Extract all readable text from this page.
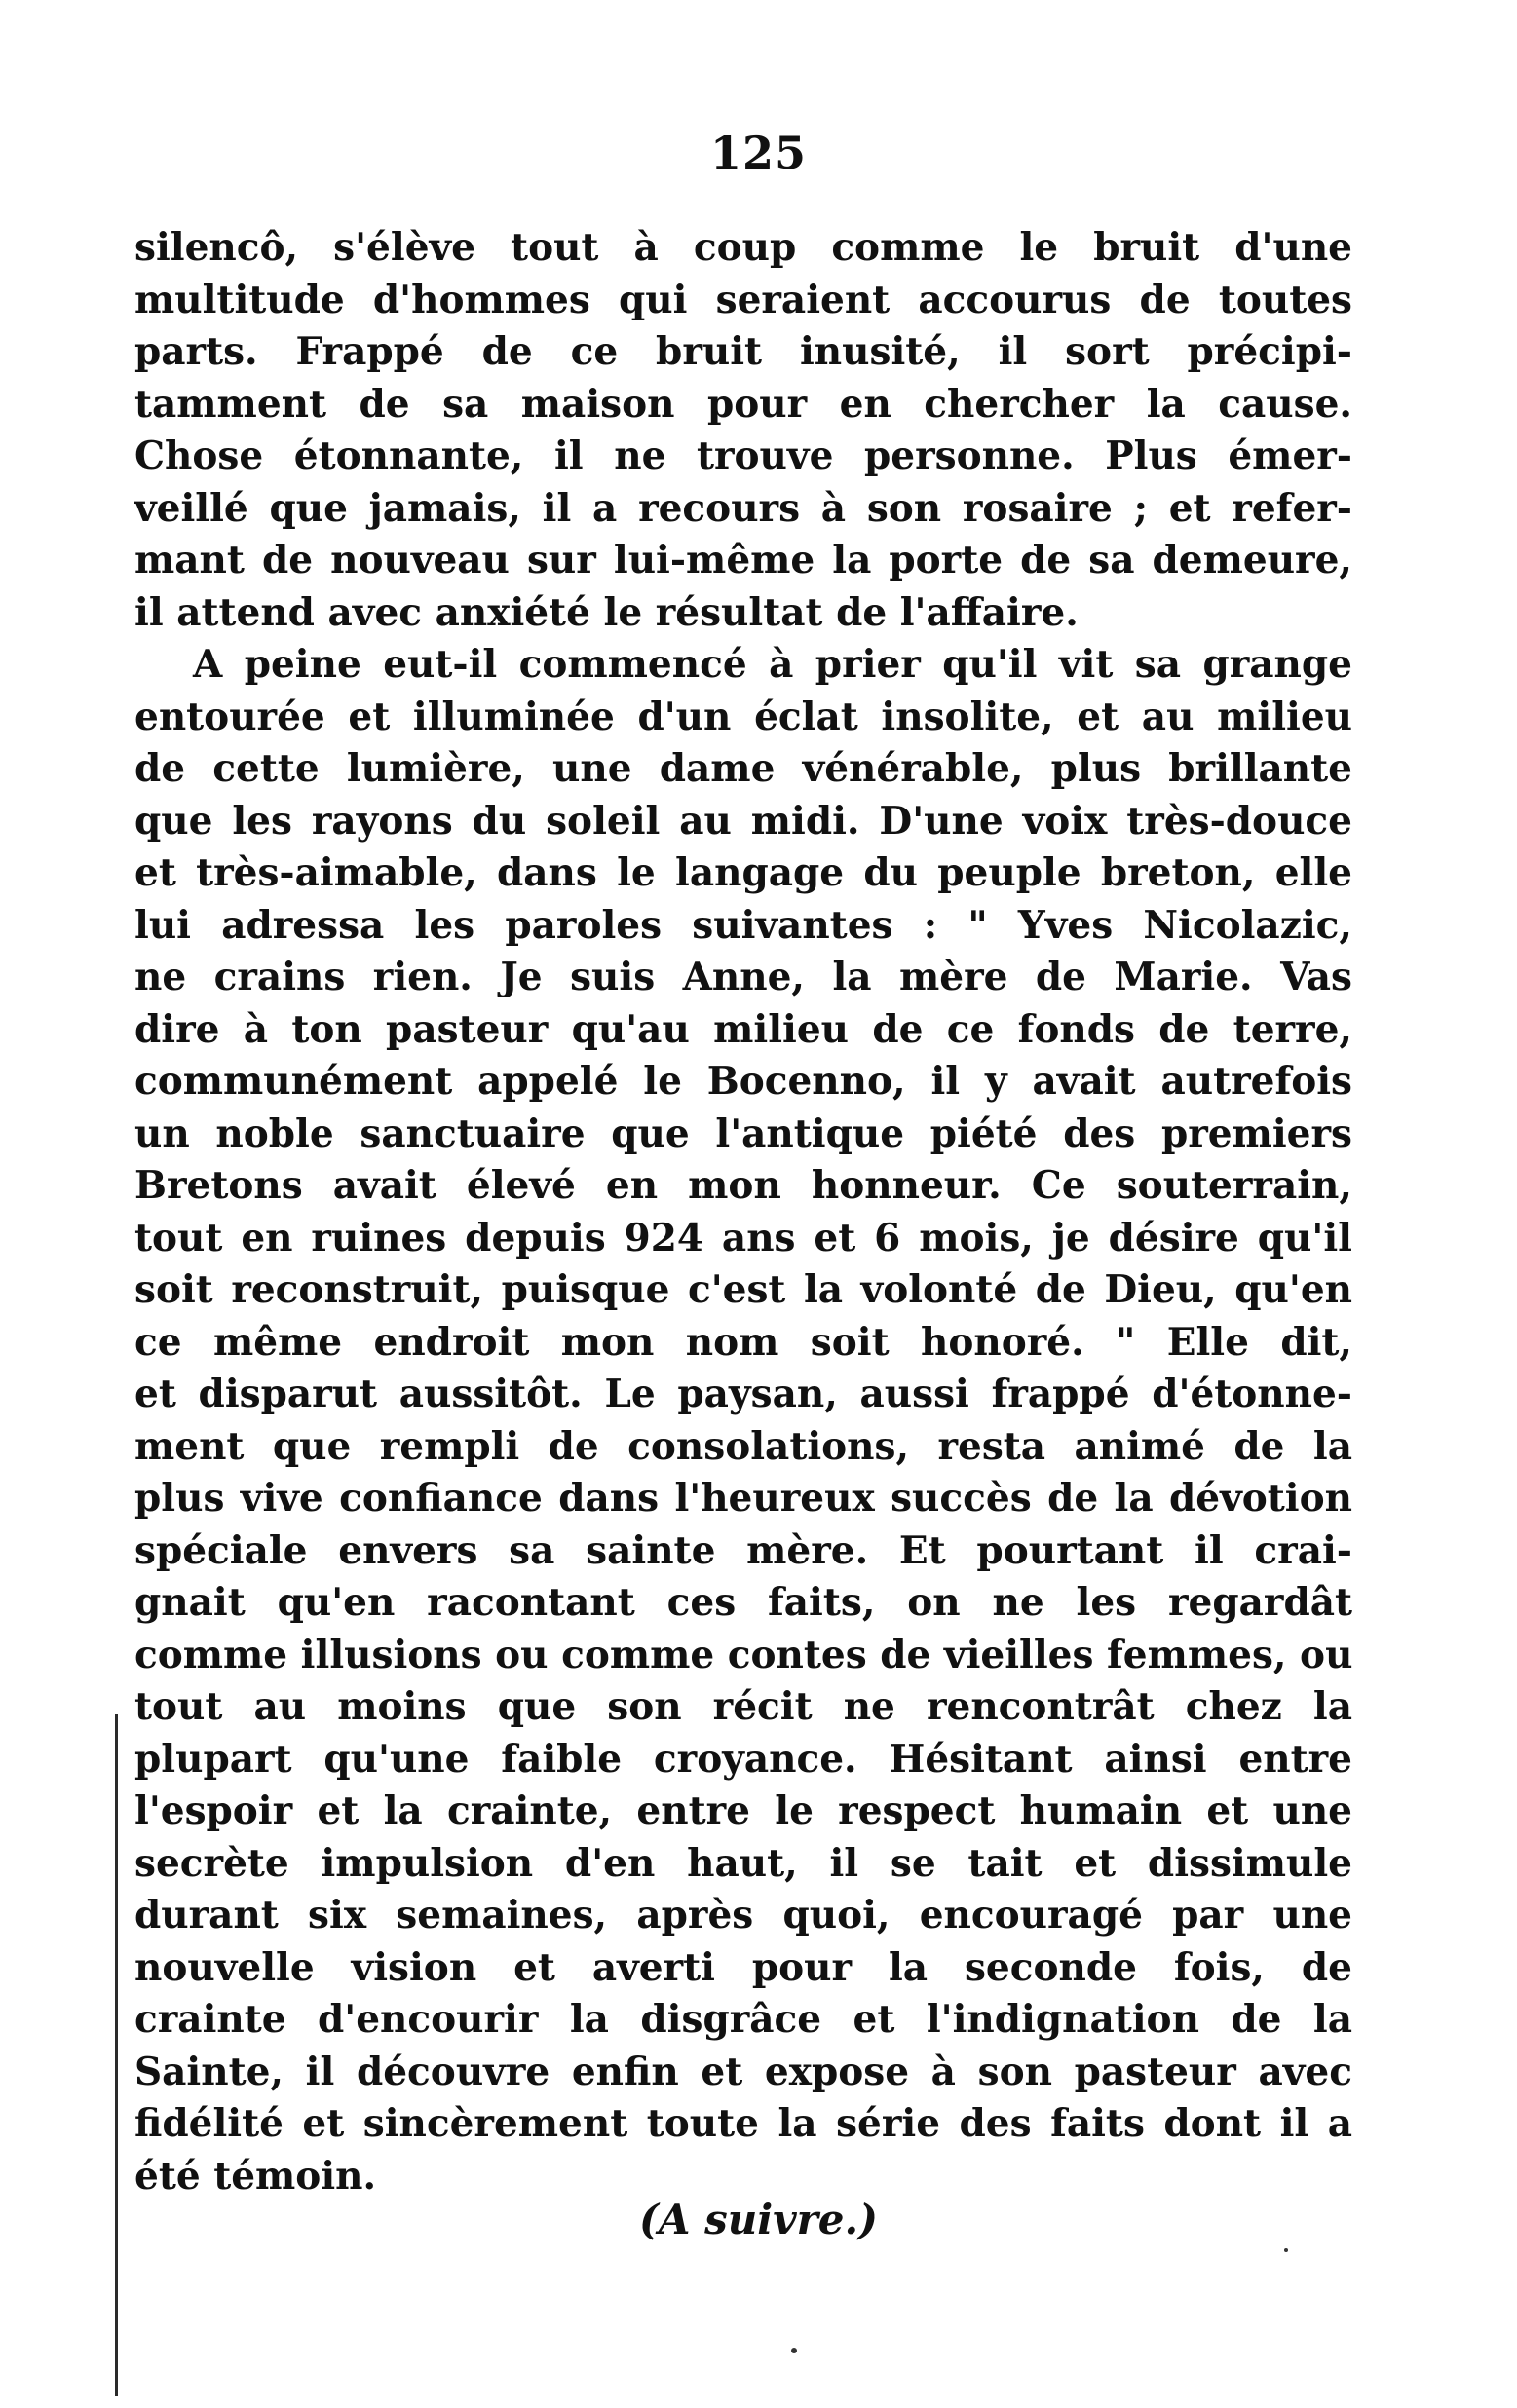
125
silencô, s'élève tout à coup comme le bruit d'une
multitude d'hommes qui seraient accourus de toutes
parts. Frappé de ce bruit inusité, il sort précipi-
tamment de sa maison pour en chercher la cause.
Chose étonnante, il ne trouve personne. Plus émer-
veillé que jamais, il a recours à son rosaire ; et refer-
mant de nouveau sur lui-même la porte de sa demeure,
il attend avec anxiété le résultat de l'affaire.
A peine eut-il commencé à prier qu'il vit sa grange
entourée et illuminée d'un éclat insolite, et au milieu
de cette lumière, une dame vénérable, plus brillante
que les rayons du soleil au midi. D'une voix très-douce
et très-aimable, dans le langage du peuple breton, elle
lui adressa les paroles suivantes : " Yves Nicolazic,
ne crains rien. Je suis Anne, la mère de Marie. Vas
dire à ton pasteur qu'au milieu de ce fonds de terre,
communément appelé le Bocenno, il y avait autrefois
un noble sanctuaire que l'antique piété des premiers
Bretons avait élevé en mon honneur. Ce souterrain,
tout en ruines depuis 924 ans et 6 mois, je désire qu'il
soit reconstruit, puisque c'est la volonté de Dieu, qu'en
ce même endroit mon nom soit honoré. " Elle dit,
et disparut aussitôt. Le paysan, aussi frappé d'étonne-
ment que rempli de consolations, resta animé de la
plus vive confiance dans l'heureux succès de la dévotion
spéciale envers sa sainte mère. Et pourtant il crai-
gnait qu'en racontant ces faits, on ne les regardât
comme illusions ou comme contes de vieilles femmes, ou
tout au moins que son récit ne rencontrât chez la
plupart qu'une faible croyance. Hésitant ainsi entre
l'espoir et la crainte, entre le respect humain et une
secrète impulsion d'en haut, il se tait et dissimule
durant six semaines, après quoi, encouragé par une
nouvelle vision et averti pour la seconde fois, de
crainte d'encourir la disgrâce et l'indignation de la
Sainte, il découvre enfin et expose à son pasteur avec
fidélité et sincèrement toute la série des faits dont il a
été témoin.
(A suivre.)
